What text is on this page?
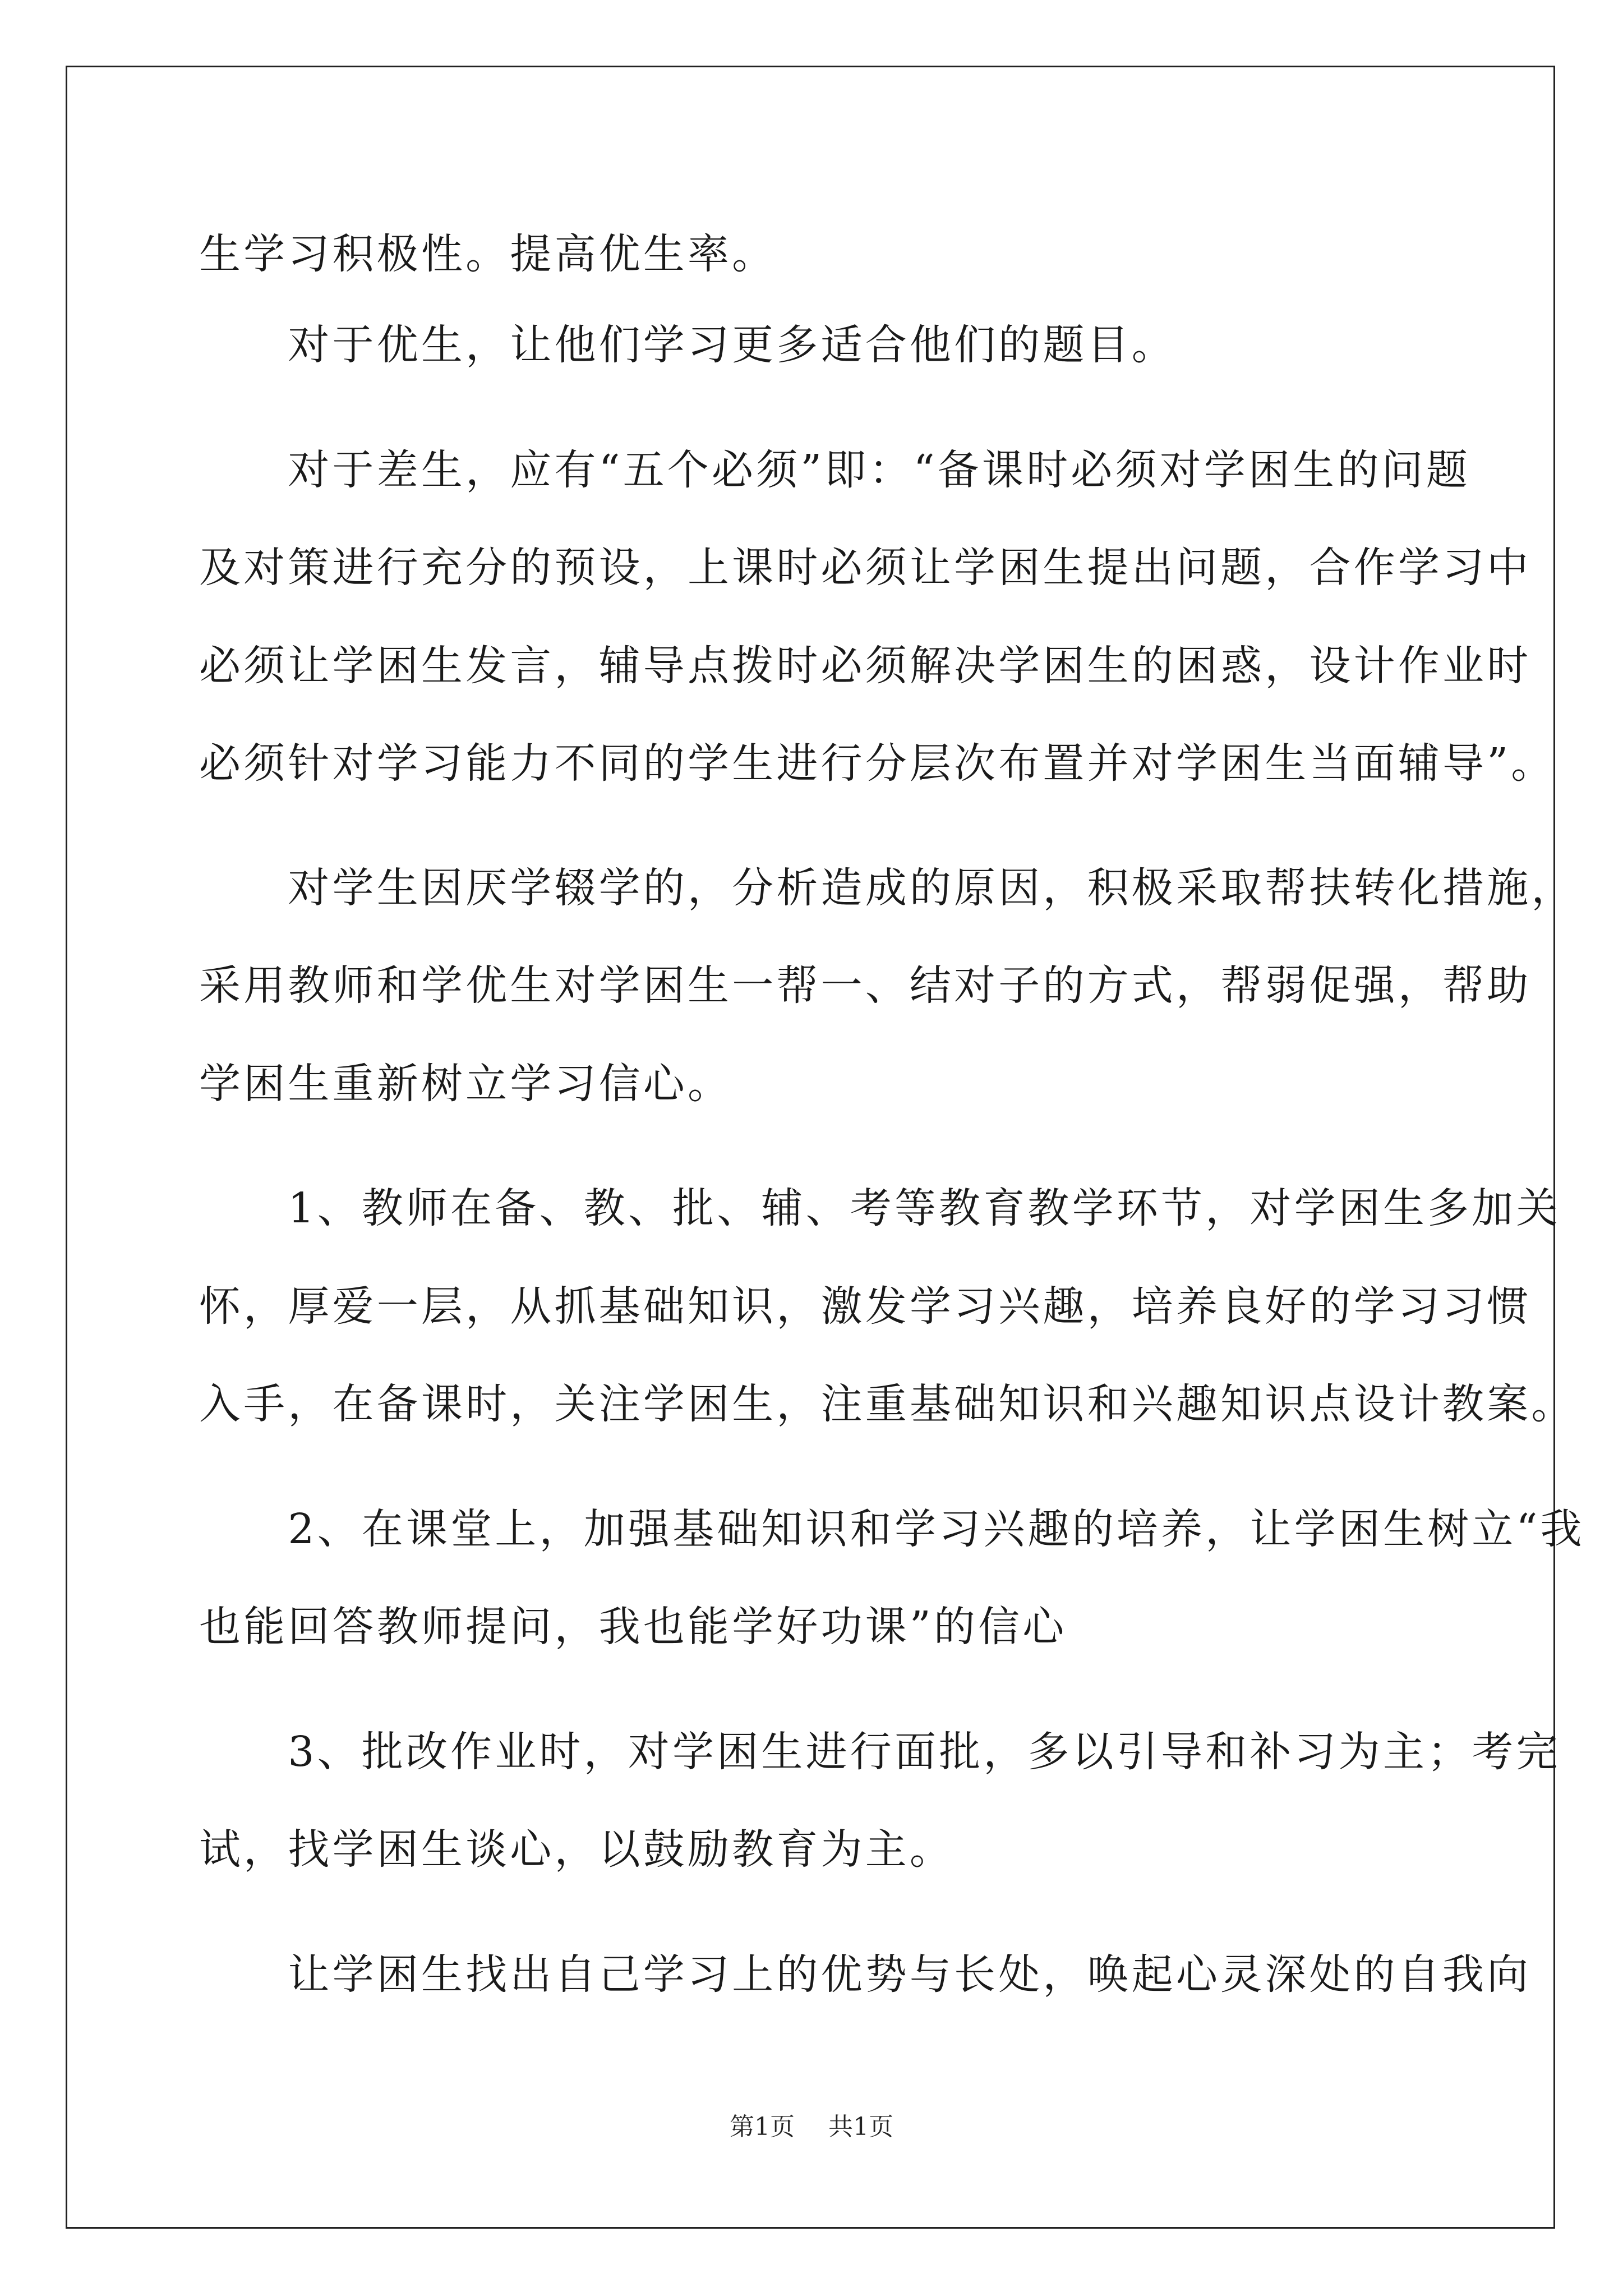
生学习积极性。提高优生率。
　　对于优生，让他们学习更多适合他们的题目。
　　对于差生，应有“五个必须”即：“备课时必须对学困生的问题
及对策进行充分的预设，上课时必须让学困生提出问题，合作学习中
必须让学困生发言，辅导点拨时必须解决学困生的困惑，设计作业时
必须针对学习能力不同的学生进行分层次布置并对学困生当面辅导”。
　　对学生因厌学辍学的，分析造成的原因，积极采取帮扶转化措施，
采用教师和学优生对学困生一帮一、结对子的方式，帮弱促强，帮助
学困生重新树立学习信心。
　　1、教师在备、教、批、辅、考等教育教学环节，对学困生多加关
怀，厚爱一层，从抓基础知识，激发学习兴趣，培养良好的学习习惯
入手，在备课时，关注学困生，注重基础知识和兴趣知识点设计教案。
　　2、在课堂上，加强基础知识和学习兴趣的培养，让学困生树立“我
也能回答教师提问，我也能学好功课”的信心
　　3、批改作业时，对学困生进行面批，多以引导和补习为主；考完
试，找学困生谈心，以鼓励教育为主。
　　让学困生找出自己学习上的优势与长处，唤起心灵深处的自我向
第1页 共1页
